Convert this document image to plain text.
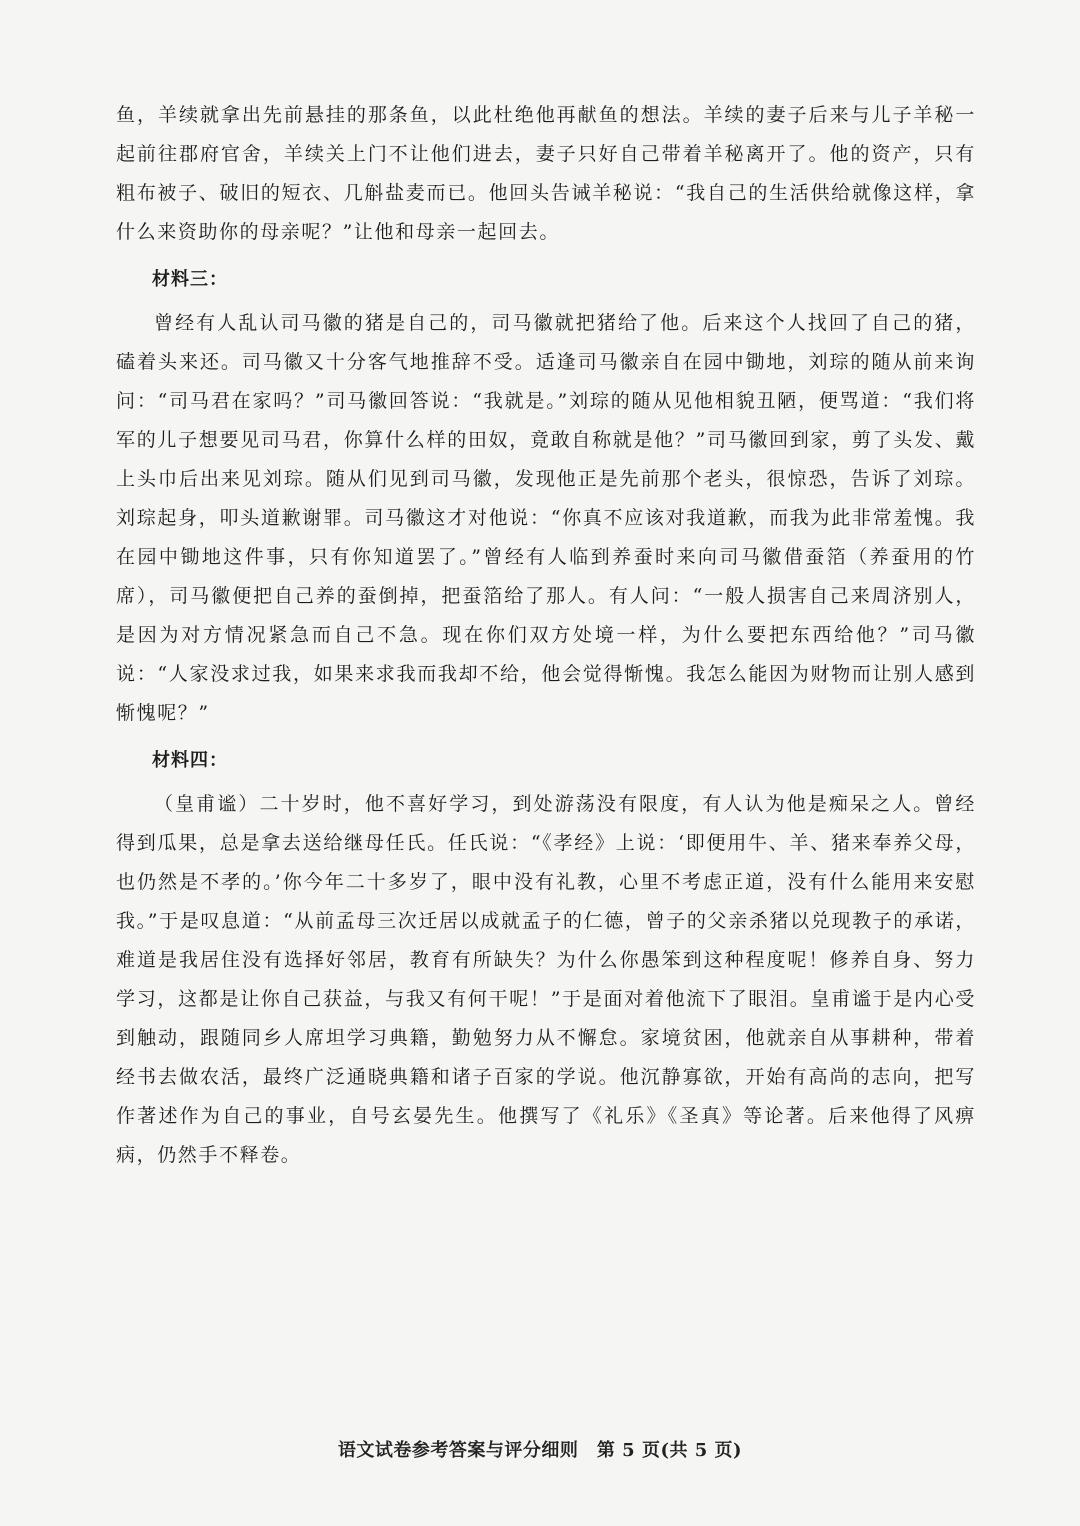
鱼，羊续就拿出先前悬挂的那条鱼，以此杜绝他再献鱼的想法。羊续的妻子后来与儿子羊秘一起前往郡府官舍，羊续关上门不让他们进去，妻子只好自己带着羊秘离开了。他的资产，只有粗布被子、破旧的短衣、几斛盐麦而已。他回头告诫羊秘说：“我自己的生活供给就像这样，拿什么来资助你的母亲呢？”让他和母亲一起回去。

材料三：

曾经有人乱认司马徽的猪是自己的，司马徽就把猪给了他。后来这个人找回了自己的猪，磕着头来还。司马徽又十分客气地推辞不受。适逢司马徽亲自在园中锄地，刘琮的随从前来询问：“司马君在家吗？”司马徽回答说：“我就是。”刘琮的随从见他相貌丑陋，便骂道：“我们将军的儿子想要见司马君，你算什么样的田奴，竟敢自称就是他？”司马徽回到家，剪了头发、戴上头巾后出来见刘琮。随从们见到司马徽，发现他正是先前那个老头，很惊恐，告诉了刘琮。刘琮起身，叩头道歉谢罪。司马徽这才对他说：“你真不应该对我道歉，而我为此非常羞愧。我在园中锄地这件事，只有你知道罢了。”曾经有人临到养蚕时来向司马徽借蚕箔（养蚕用的竹席），司马徽便把自己养的蚕倒掉，把蚕箔给了那人。有人问：“一般人损害自己来周济别人，是因为对方情况紧急而自己不急。现在你们双方处境一样，为什么要把东西给他？”司马徽说：“人家没求过我，如果来求我而我却不给，他会觉得惭愧。我怎么能因为财物而让别人感到惭愧呢？”

材料四：

（皇甫谧）二十岁时，他不喜好学习，到处游荡没有限度，有人认为他是痴呆之人。曾经得到瓜果，总是拿去送给继母任氏。任氏说：“《孝经》上说：‘即便用牛、羊、猪来奉养父母，也仍然是不孝的。’你今年二十多岁了，眼中没有礼教，心里不考虑正道，没有什么能用来安慰我。”于是叹息道：“从前孟母三次迁居以成就孟子的仁德，曾子的父亲杀猪以兑现教子的承诺，难道是我居住没有选择好邻居，教育有所缺失？为什么你愚笨到这种程度呢！修养自身、努力学习，这都是让你自己获益，与我又有何干呢！”于是面对着他流下了眼泪。皇甫谧于是内心受到触动，跟随同乡人席坦学习典籍，勤勉努力从不懈怠。家境贫困，他就亲自从事耕种，带着经书去做农活，最终广泛通晓典籍和诸子百家的学说。他沉静寡欲，开始有高尚的志向，把写作著述作为自己的事业，自号玄晏先生。他撰写了《礼乐》《圣真》等论著。后来他得了风痹病，仍然手不释卷。

语文试卷参考答案与评分细则　第 5 页(共 5 页)
